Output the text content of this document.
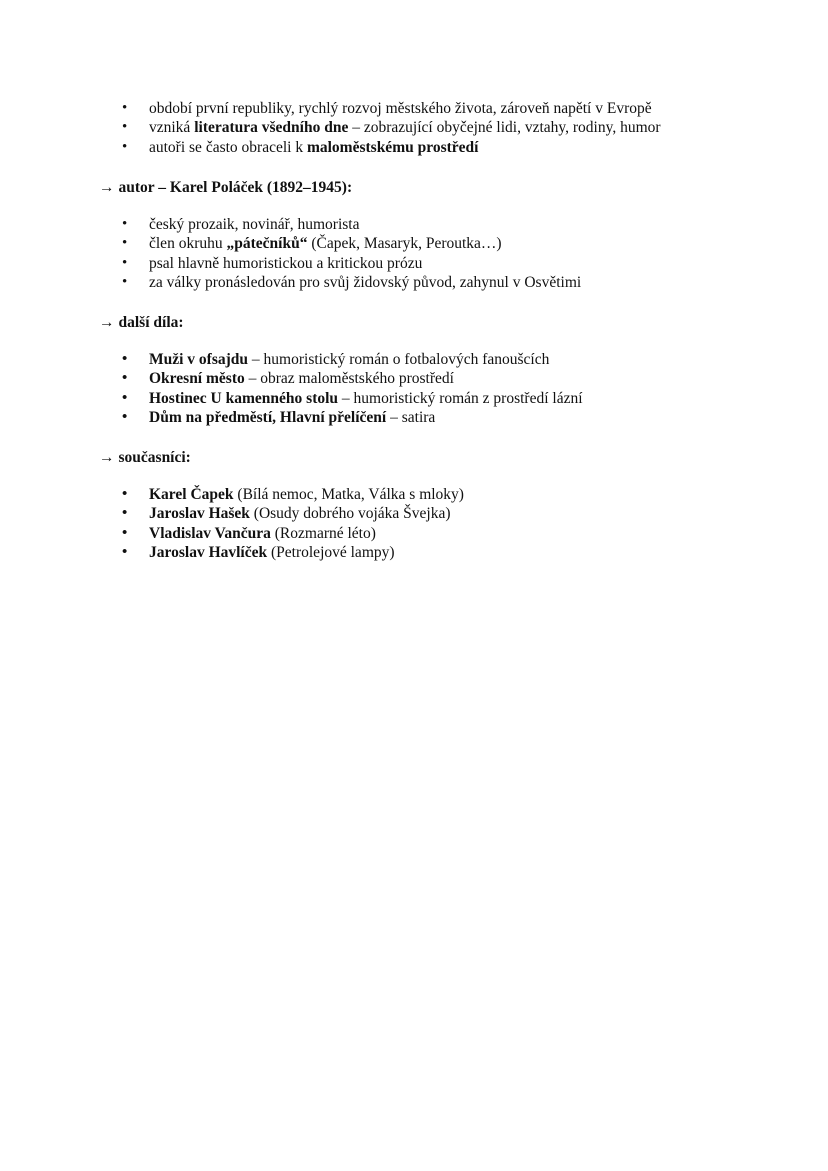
• období první republiky, rychlý rozvoj městského života, zároveň napětí v Evropě
• vzniká literatura všedního dne – zobrazující obyčejné lidi, vztahy, rodiny, humor
• autoři se často obraceli k maloměstskému prostředí
→ autor – Karel Poláček (1892–1945):
• český prozaik, novinář, humorista
• člen okruhu „pátečníků“ (Čapek, Masaryk, Peroutka…)
• psal hlavně humoristickou a kritickou prózu
• za války pronásledován pro svůj židovský původ, zahynul v Osvětimi
→ další díla:
• Muži v ofsajdu – humoristický román o fotbalových fanoušcích
• Okresní město – obraz maloměstského prostředí
• Hostinec U kamenného stolu – humoristický román z prostředí lázní
• Dům na předměstí, Hlavní přelíčení – satira
→ současníci:
• Karel Čapek (Bílá nemoc, Matka, Válka s mloky)
• Jaroslav Hašek (Osudy dobrého vojáka Švejka)
• Vladislav Vančura (Rozmarné léto)
• Jaroslav Havlíček (Petrolejové lampy)
